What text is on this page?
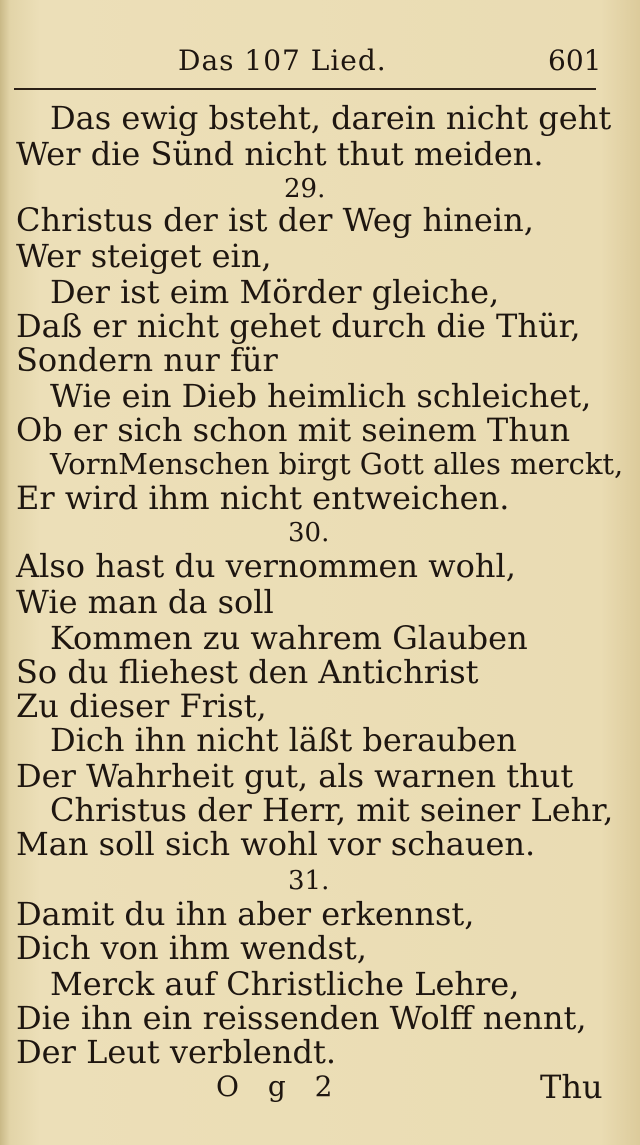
Das 107 Lied.	601
Das ewig bsteht, darein nicht geht
Wer die Sünd nicht thut meiden.
29.
Christus der ist der Weg hinein,
Wer steiget ein,
Der ist eim Mörder gleiche,
Daß er nicht gehet durch die Thür,
Sondern nur für
Wie ein Dieb heimlich schleichet,
Ob er sich schon mit seinem Thun
VornMenschen birgt Gott alles merckt,
Er wird ihm nicht entweichen.
30.
Also hast du vernommen wohl,
Wie man da soll
Kommen zu wahrem Glauben
So du fliehest den Antichrist
Zu dieser Frist,
Dich ihn nicht läßt berauben
Der Wahrheit gut, als warnen thut
Christus der Herr, mit seiner Lehr,
Man soll sich wohl vor schauen.
31.
Damit du ihn aber erkennst,
Dich von ihm wendst,
Merck auf Christliche Lehre,
Die ihn ein reissenden Wolff nennt,
Der Leut verblendt.
O g 2	Thu
